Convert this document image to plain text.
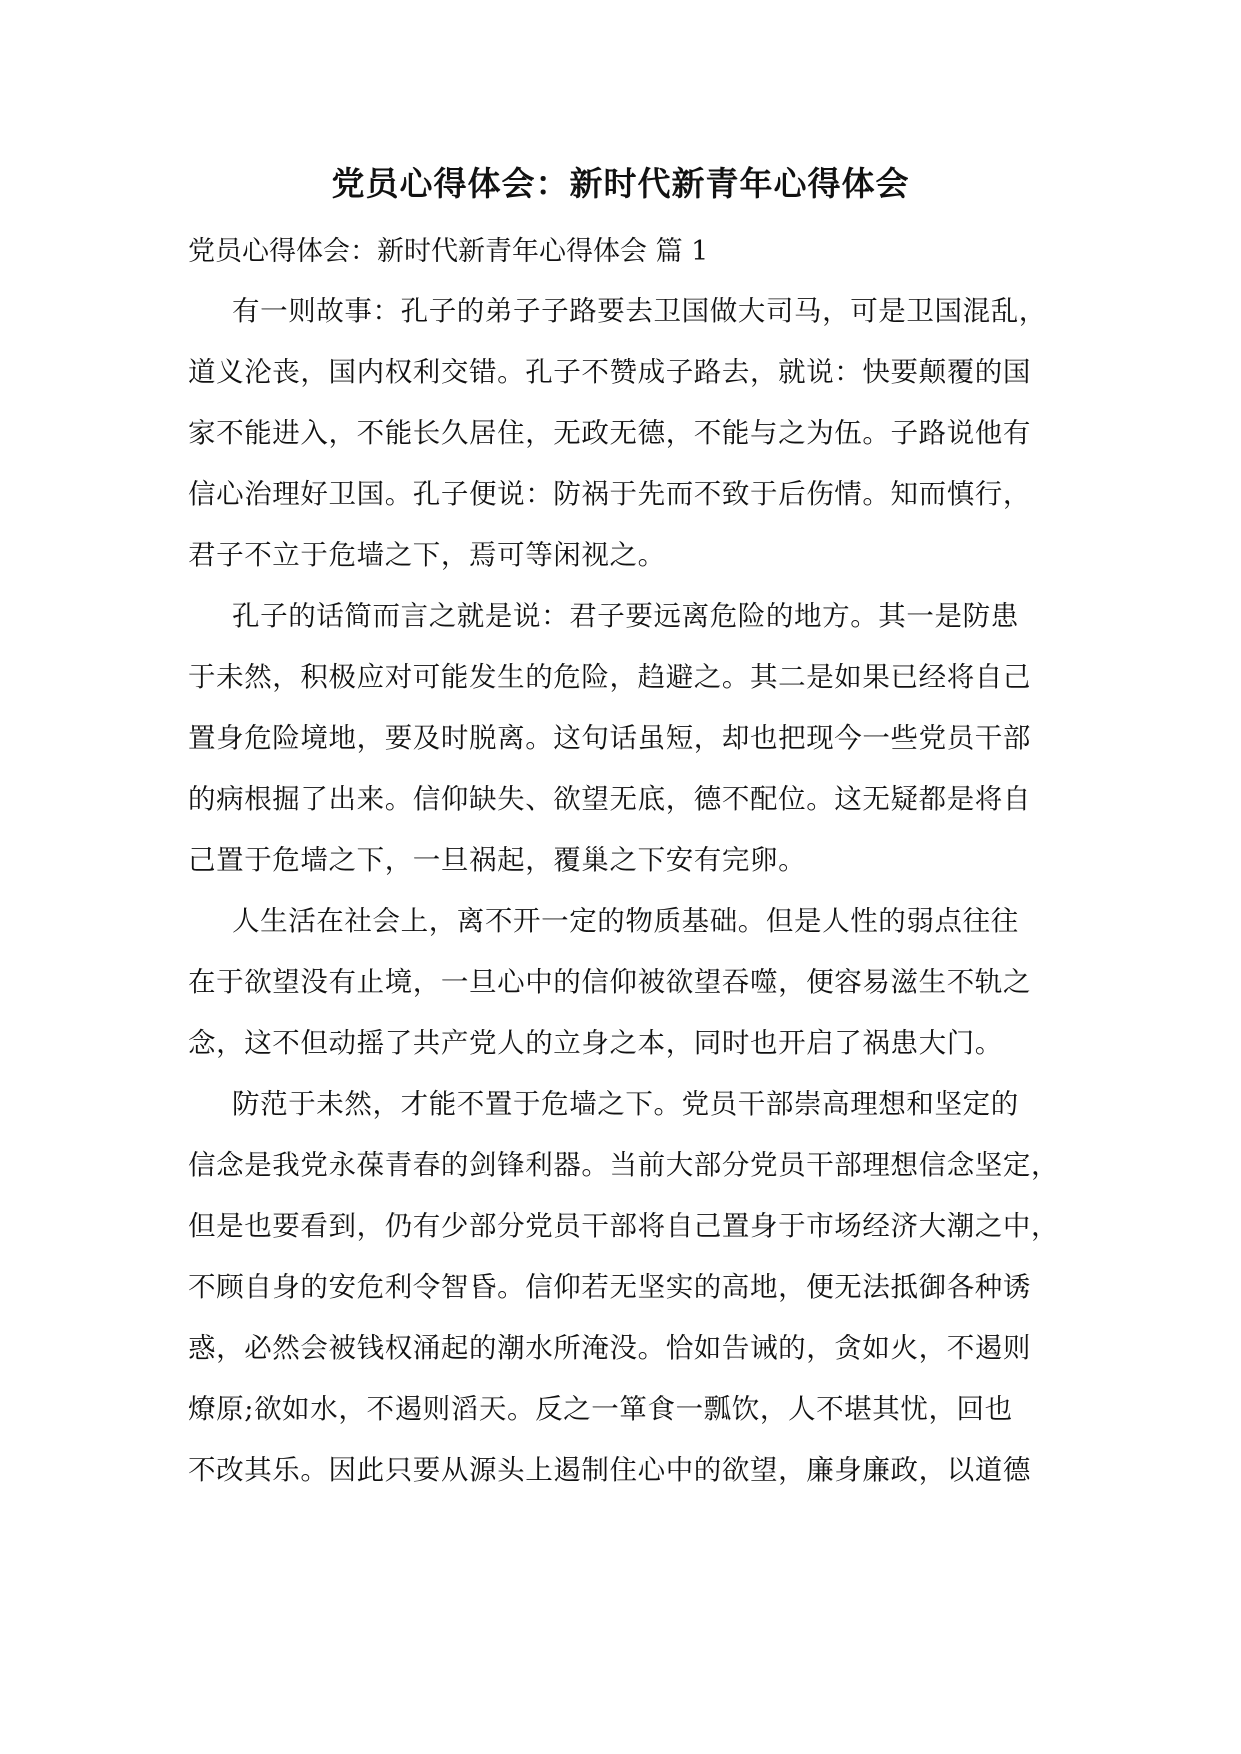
党员心得体会：新时代新青年心得体会

党员心得体会：新时代新青年心得体会 篇 1

有一则故事：孔子的弟子子路要去卫国做大司马，可是卫国混乱，
道义沦丧，国内权利交错。孔子不赞成子路去，就说：快要颠覆的国
家不能进入，不能长久居住，无政无德，不能与之为伍。子路说他有
信心治理好卫国。孔子便说：防祸于先而不致于后伤情。知而慎行，
君子不立于危墙之下，焉可等闲视之。

孔子的话简而言之就是说：君子要远离危险的地方。其一是防患
于未然，积极应对可能发生的危险，趋避之。其二是如果已经将自己
置身危险境地，要及时脱离。这句话虽短，却也把现今一些党员干部
的病根掘了出来。信仰缺失、欲望无底，德不配位。这无疑都是将自
己置于危墙之下，一旦祸起，覆巢之下安有完卵。

人生活在社会上，离不开一定的物质基础。但是人性的弱点往往
在于欲望没有止境，一旦心中的信仰被欲望吞噬，便容易滋生不轨之
念，这不但动摇了共产党人的立身之本，同时也开启了祸患大门。

防范于未然，才能不置于危墙之下。党员干部崇高理想和坚定的
信念是我党永葆青春的剑锋利器。当前大部分党员干部理想信念坚定，
但是也要看到，仍有少部分党员干部将自己置身于市场经济大潮之中，
不顾自身的安危利令智昏。信仰若无坚实的高地，便无法抵御各种诱
惑，必然会被钱权涌起的潮水所淹没。恰如告诫的，贪如火，不遏则
燎原;欲如水，不遏则滔天。反之一箪食一瓢饮，人不堪其忧，回也
不改其乐。因此只要从源头上遏制住心中的欲望，廉身廉政，以道德
